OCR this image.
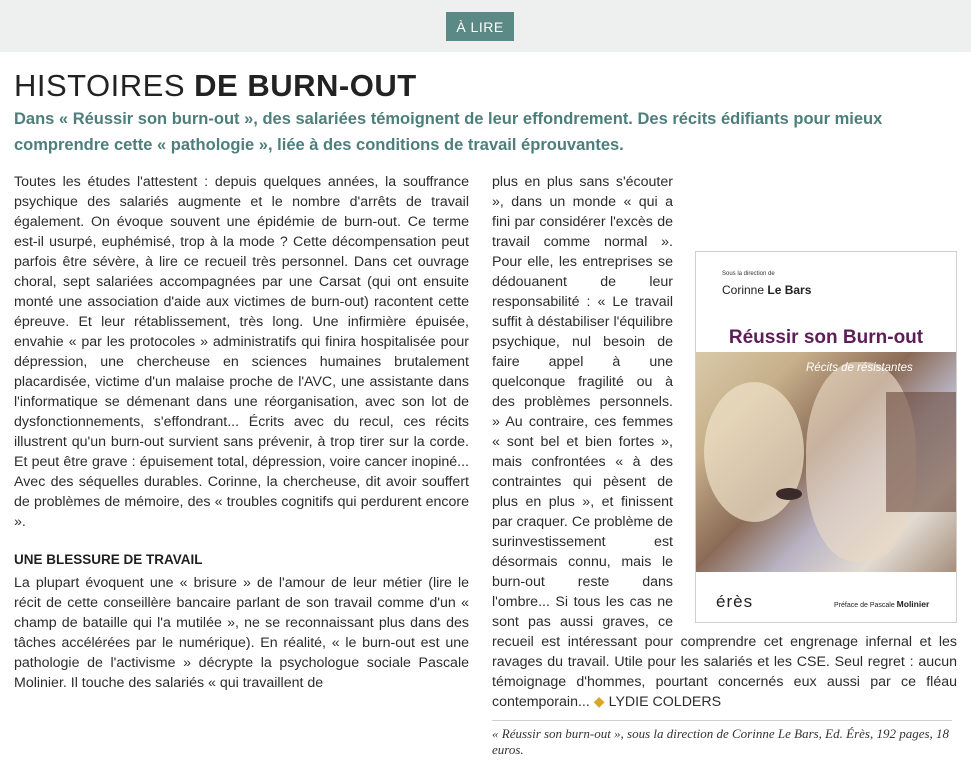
À LIRE
HISTOIRES DE BURN-OUT

Dans « Réussir son burn-out », des salariées témoignent de leur effondrement. Des récits édifiants pour mieux comprendre cette « pathologie », liée à des conditions de travail éprouvantes.

Toutes les études l'attestent : depuis quelques années, la souffrance psychique des salariés augmente et le nombre d'arrêts de travail également. On évoque souvent une épidémie de burn-out. Ce terme est-il usurpé, euphémisé, trop à la mode ? Cette décompensation peut parfois être sévère, à lire ce recueil très personnel. Dans cet ouvrage choral, sept salariées accompagnées par une Carsat (qui ont ensuite monté une association d'aide aux victimes de burn-out) racontent cette épreuve. Et leur rétablissement, très long. Une infirmière épuisée, envahie « par les protocoles » administratifs qui finira hospitalisée pour dépression, une chercheuse en sciences humaines brutalement placardisée, victime d'un malaise proche de l'AVC, une assistante dans l'informatique se démenant dans une réorganisation, avec son lot de dysfonctionnements, s'effondrant... Écrits avec du recul, ces récits illustrent qu'un burn-out survient sans prévenir, à trop tirer sur la corde. Et peut être grave : épuisement total, dépression, voire cancer inopiné... Avec des séquelles durables. Corinne, la chercheuse, dit avoir souffert de problèmes de mémoire, des « troubles cognitifs qui perdurent encore ».

UNE BLESSURE DE TRAVAIL

La plupart évoquent une « brisure » de l'amour de leur métier (lire le récit de cette conseillère bancaire parlant de son travail comme d'un « champ de bataille qui l'a mutilée », ne se reconnaissant plus dans des tâches accélérées par le numérique). En réalité, « le burn-out est une pathologie de l'activisme » décrypte la psychologue sociale Pascale Molinier. Il touche des salariés « qui travaillent de

Sous la direction de
Corinne Le Bars
Réussir son Burn-out
Récits de résistantes
érès	Préface de Pascale Molinier

plus en plus sans s'écouter », dans un monde « qui a fini par considérer l'excès de travail comme normal ». Pour elle, les entreprises se dédouanent de leur responsabilité : « Le travail suffit à déstabiliser l'équilibre psychique, nul besoin de faire appel à une quelconque fragilité ou à des problèmes personnels. » Au contraire, ces femmes « sont bel et bien fortes », mais confrontées « à des contraintes qui pèsent de plus en plus », et finissent par craquer. Ce problème de surinvestissement est désormais connu, mais le burn-out reste dans l'ombre... Si tous les cas ne sont pas aussi graves, ce recueil est intéressant pour comprendre cet engrenage infernal et les ravages du travail. Utile pour les salariés et les CSE. Seul regret : aucun témoignage d'hommes, pourtant concernés eux aussi par ce fléau contemporain... ◆ LYDIE COLDERS

« Réussir son burn-out », sous la direction de Corinne Le Bars, Ed. Érès, 192 pages, 18 euros.
